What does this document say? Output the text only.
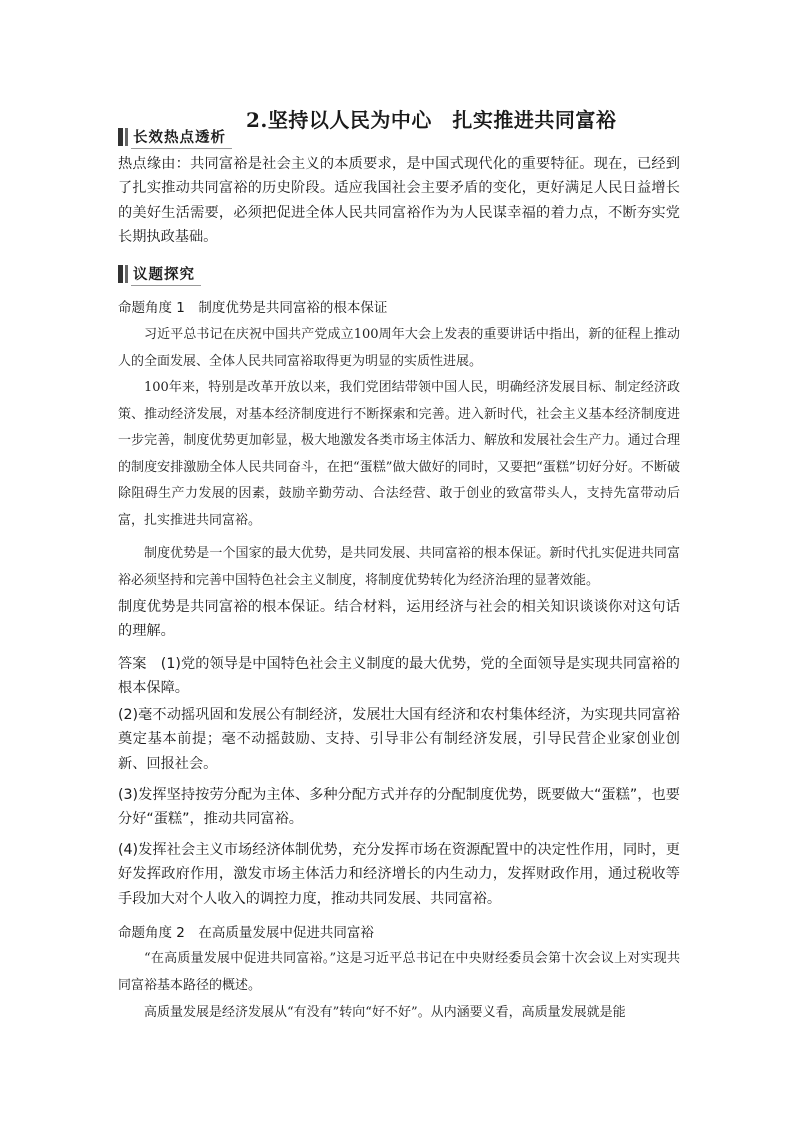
2.坚持以人民为中心　扎实推进共同富裕
长效热点透析

热点缘由：共同富裕是社会主义的本质要求，是中国式现代化的重要特征。现在，已经到了扎实推动共同富裕的历史阶段。适应我国社会主要矛盾的变化，更好满足人民日益增长的美好生活需要，必须把促进全体人民共同富裕作为为人民谋幸福的着力点，不断夯实党长期执政基础。

议题探究
命题角度 1　制度优势是共同富裕的根本保证

习近平总书记在庆祝中国共产党成立100周年大会上发表的重要讲话中指出，新的征程上推动人的全面发展、全体人民共同富裕取得更为明显的实质性进展。

100年来，特别是改革开放以来，我们党团结带领中国人民，明确经济发展目标、制定经济政策、推动经济发展，对基本经济制度进行不断探索和完善。进入新时代，社会主义基本经济制度进一步完善，制度优势更加彰显，极大地激发各类市场主体活力、解放和发展社会生产力。通过合理的制度安排激励全体人民共同奋斗，在把“蛋糕”做大做好的同时，又要把“蛋糕”切好分好。不断破除阻碍生产力发展的因素，鼓励辛勤劳动、合法经营、敢于创业的致富带头人，支持先富带动后富，扎实推进共同富裕。

制度优势是一个国家的最大优势，是共同发展、共同富裕的根本保证。新时代扎实促进共同富裕必须坚持和完善中国特色社会主义制度，将制度优势转化为经济治理的显著效能。

制度优势是共同富裕的根本保证。结合材料，运用经济与社会的相关知识谈谈你对这句话的理解。

答案　(1)党的领导是中国特色社会主义制度的最大优势，党的全面领导是实现共同富裕的根本保障。

(2)毫不动摇巩固和发展公有制经济，发展壮大国有经济和农村集体经济，为实现共同富裕奠定基本前提；毫不动摇鼓励、支持、引导非公有制经济发展，引导民营企业家创业创新、回报社会。

(3)发挥坚持按劳分配为主体、多种分配方式并存的分配制度优势，既要做大“蛋糕”，也要分好“蛋糕”，推动共同富裕。

(4)发挥社会主义市场经济体制优势，充分发挥市场在资源配置中的决定性作用，同时，更好发挥政府作用，激发市场主体活力和经济增长的内生动力，发挥财政作用，通过税收等手段加大对个人收入的调控力度，推动共同发展、共同富裕。

命题角度 2　在高质量发展中促进共同富裕

“在高质量发展中促进共同富裕。”这是习近平总书记在中央财经委员会第十次会议上对实现共同富裕基本路径的概述。

高质量发展是经济发展从“有没有”转向“好不好”。从内涵要义看，高质量发展就是能
